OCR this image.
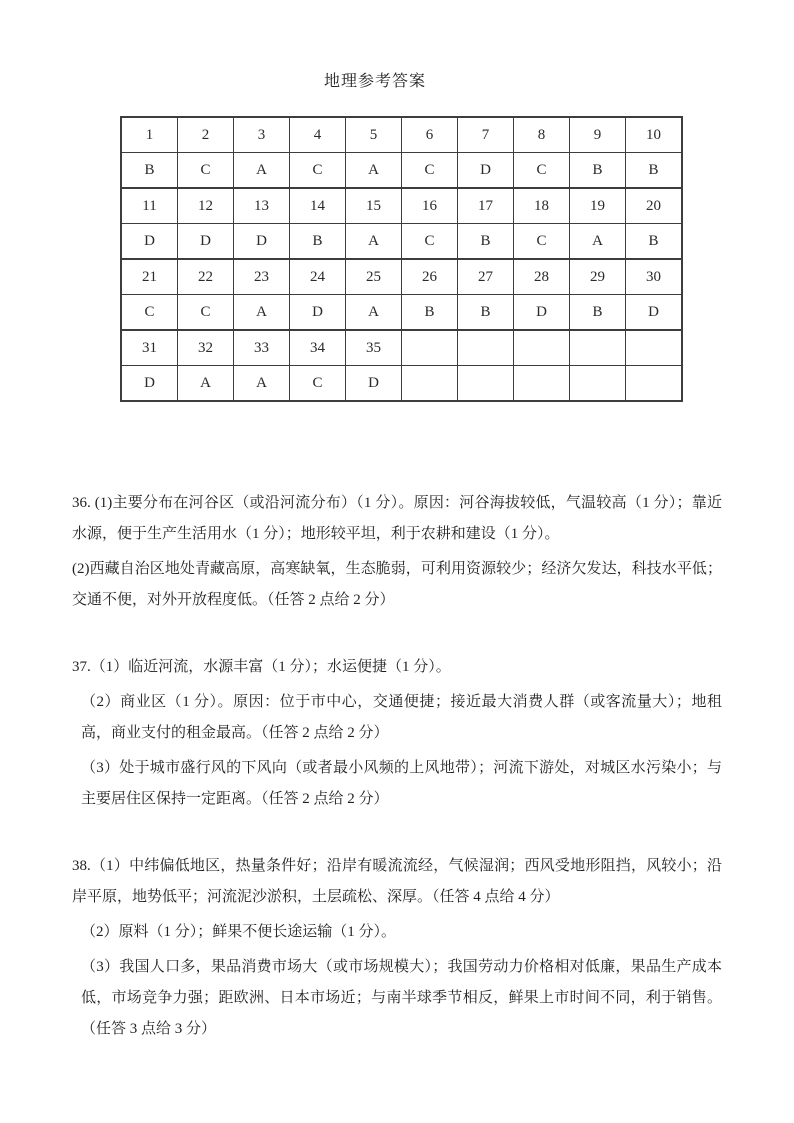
地理参考答案
1	2	3	4	5	6	7	8	9	10
B	C	A	C	A	C	D	C	B	B
11	12	13	14	15	16	17	18	19	20
D	D	D	B	A	C	B	C	A	B
21	22	23	24	25	26	27	28	29	30
C	C	A	D	A	B	B	D	B	D
31	32	33	34	35					
D	A	A	C	D					

36. (1)主要分布在河谷区（或沿河流分布）（1 分）。原因：河谷海拔较低，气温较高（1 分）；靠近水源，便于生产生活用水（1 分）；地形较平坦，利于农耕和建设（1 分）。

(2)西藏自治区地处青藏高原，高寒缺氧，生态脆弱，可利用资源较少；经济欠发达，科技水平低；交通不便，对外开放程度低。（任答 2 点给 2 分）

37.（1）临近河流，水源丰富（1 分）；水运便捷（1 分）。

（2）商业区（1 分）。原因：位于市中心，交通便捷；接近最大消费人群（或客流量大）；地租高，商业支付的租金最高。（任答 2 点给 2 分）

（3）处于城市盛行风的下风向（或者最小风频的上风地带）；河流下游处，对城区水污染小；与主要居住区保持一定距离。（任答 2 点给 2 分）

38.（1）中纬偏低地区，热量条件好；沿岸有暖流流经，气候湿润；西风受地形阻挡，风较小；沿岸平原，地势低平；河流泥沙淤积，土层疏松、深厚。（任答 4 点给 4 分）

（2）原料（1 分）；鲜果不便长途运输（1 分）。

（3）我国人口多，果品消费市场大（或市场规模大）；我国劳动力价格相对低廉，果品生产成本低，市场竞争力强；距欧洲、日本市场近；与南半球季节相反，鲜果上市时间不同，利于销售。（任答 3 点给 3 分）
